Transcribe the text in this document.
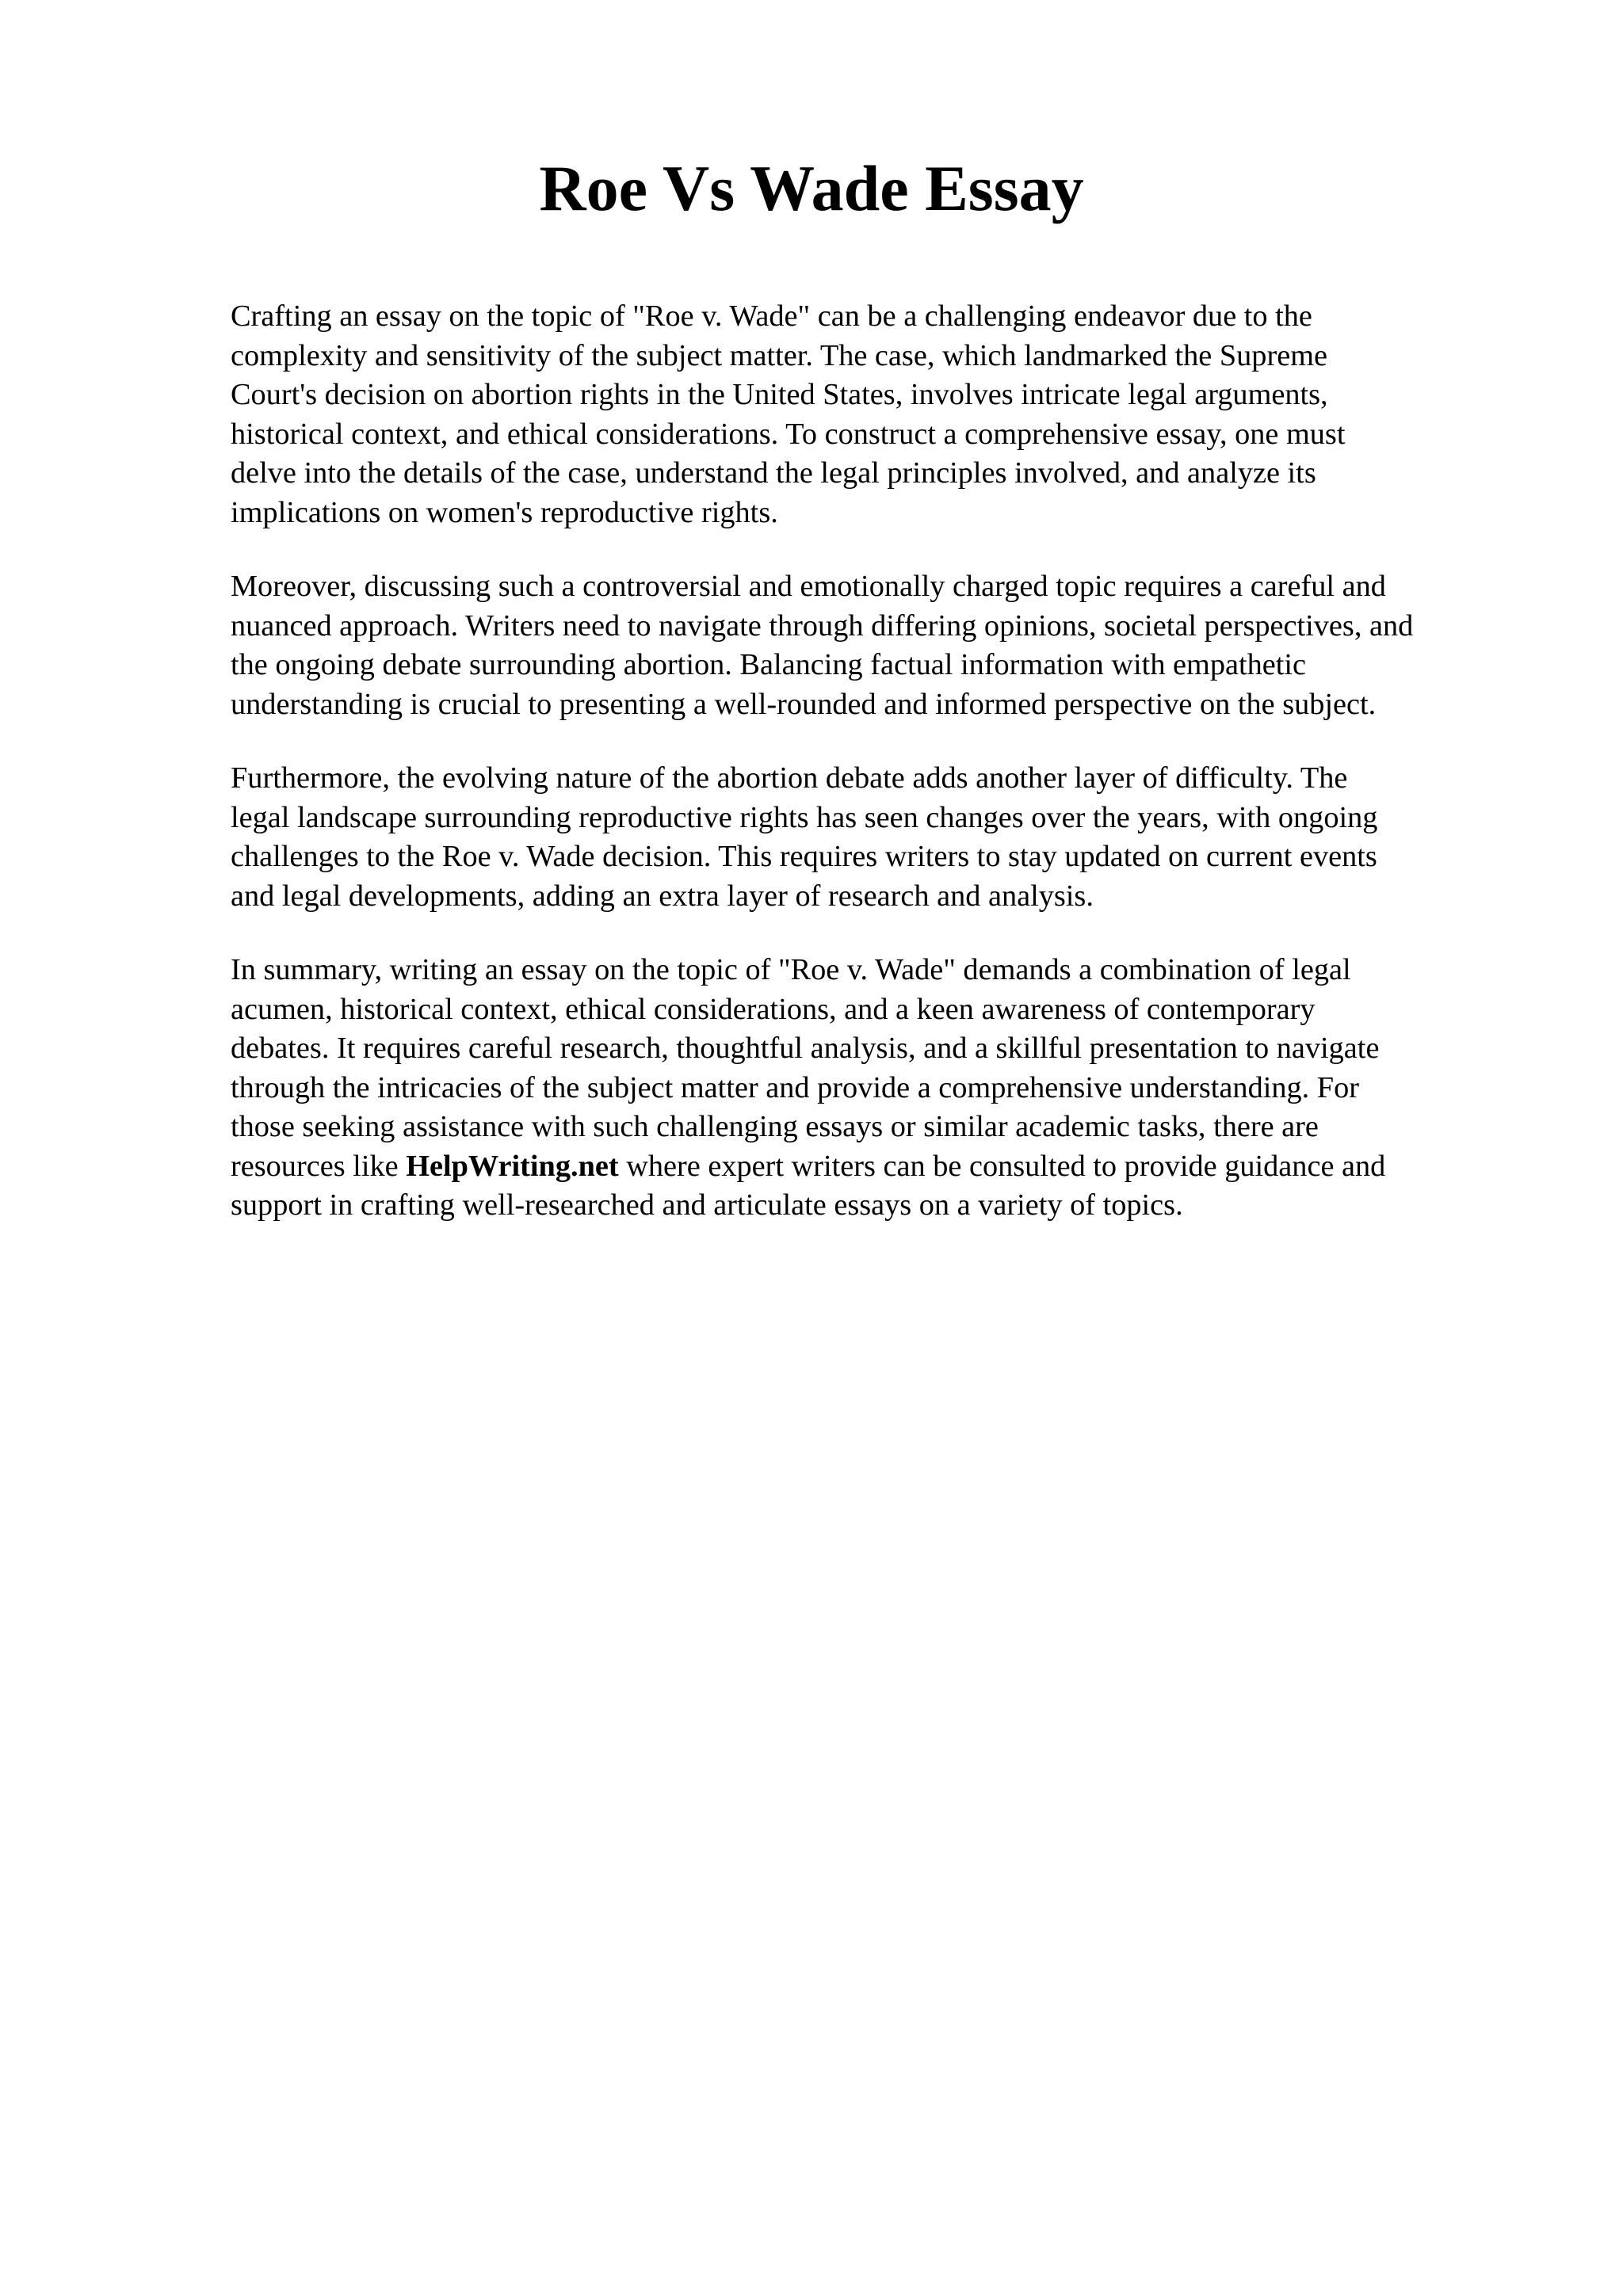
Roe Vs Wade Essay

Crafting an essay on the topic of "Roe v. Wade" can be a challenging endeavor due to the
complexity and sensitivity of the subject matter. The case, which landmarked the Supreme
Court's decision on abortion rights in the United States, involves intricate legal arguments,
historical context, and ethical considerations. To construct a comprehensive essay, one must
delve into the details of the case, understand the legal principles involved, and analyze its
implications on women's reproductive rights.

Moreover, discussing such a controversial and emotionally charged topic requires a careful and
nuanced approach. Writers need to navigate through differing opinions, societal perspectives, and
the ongoing debate surrounding abortion. Balancing factual information with empathetic
understanding is crucial to presenting a well-rounded and informed perspective on the subject.

Furthermore, the evolving nature of the abortion debate adds another layer of difficulty. The
legal landscape surrounding reproductive rights has seen changes over the years, with ongoing
challenges to the Roe v. Wade decision. This requires writers to stay updated on current events
and legal developments, adding an extra layer of research and analysis.

In summary, writing an essay on the topic of "Roe v. Wade" demands a combination of legal
acumen, historical context, ethical considerations, and a keen awareness of contemporary
debates. It requires careful research, thoughtful analysis, and a skillful presentation to navigate
through the intricacies of the subject matter and provide a comprehensive understanding. For
those seeking assistance with such challenging essays or similar academic tasks, there are
resources like HelpWriting.net where expert writers can be consulted to provide guidance and
support in crafting well-researched and articulate essays on a variety of topics.
